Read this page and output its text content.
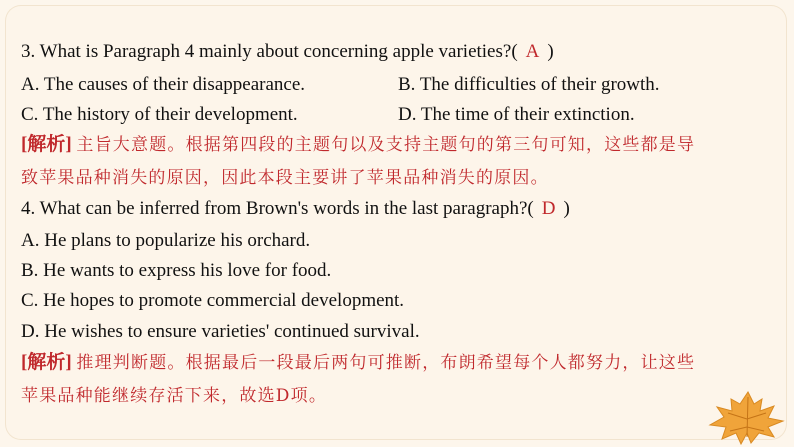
3. What is Paragraph 4 mainly about concerning apple varieties?( A )
A. The causes of their disappearance.	B. The difficulties of their growth.
C. The history of their development.	D. The time of their extinction.
[解析] 主旨大意题。根据第四段的主题句以及支持主题句的第三句可知，这些都是导
致苹果品种消失的原因，因此本段主要讲了苹果品种消失的原因。
4. What can be inferred from Brown's words in the last paragraph?( D )
A. He plans to popularize his orchard.
B. He wants to express his love for food.
C. He hopes to promote commercial development.
D. He wishes to ensure varieties' continued survival.
[解析] 推理判断题。根据最后一段最后两句可推断，布朗希望每个人都努力，让这些
苹果品种能继续存活下来，故选D项。
